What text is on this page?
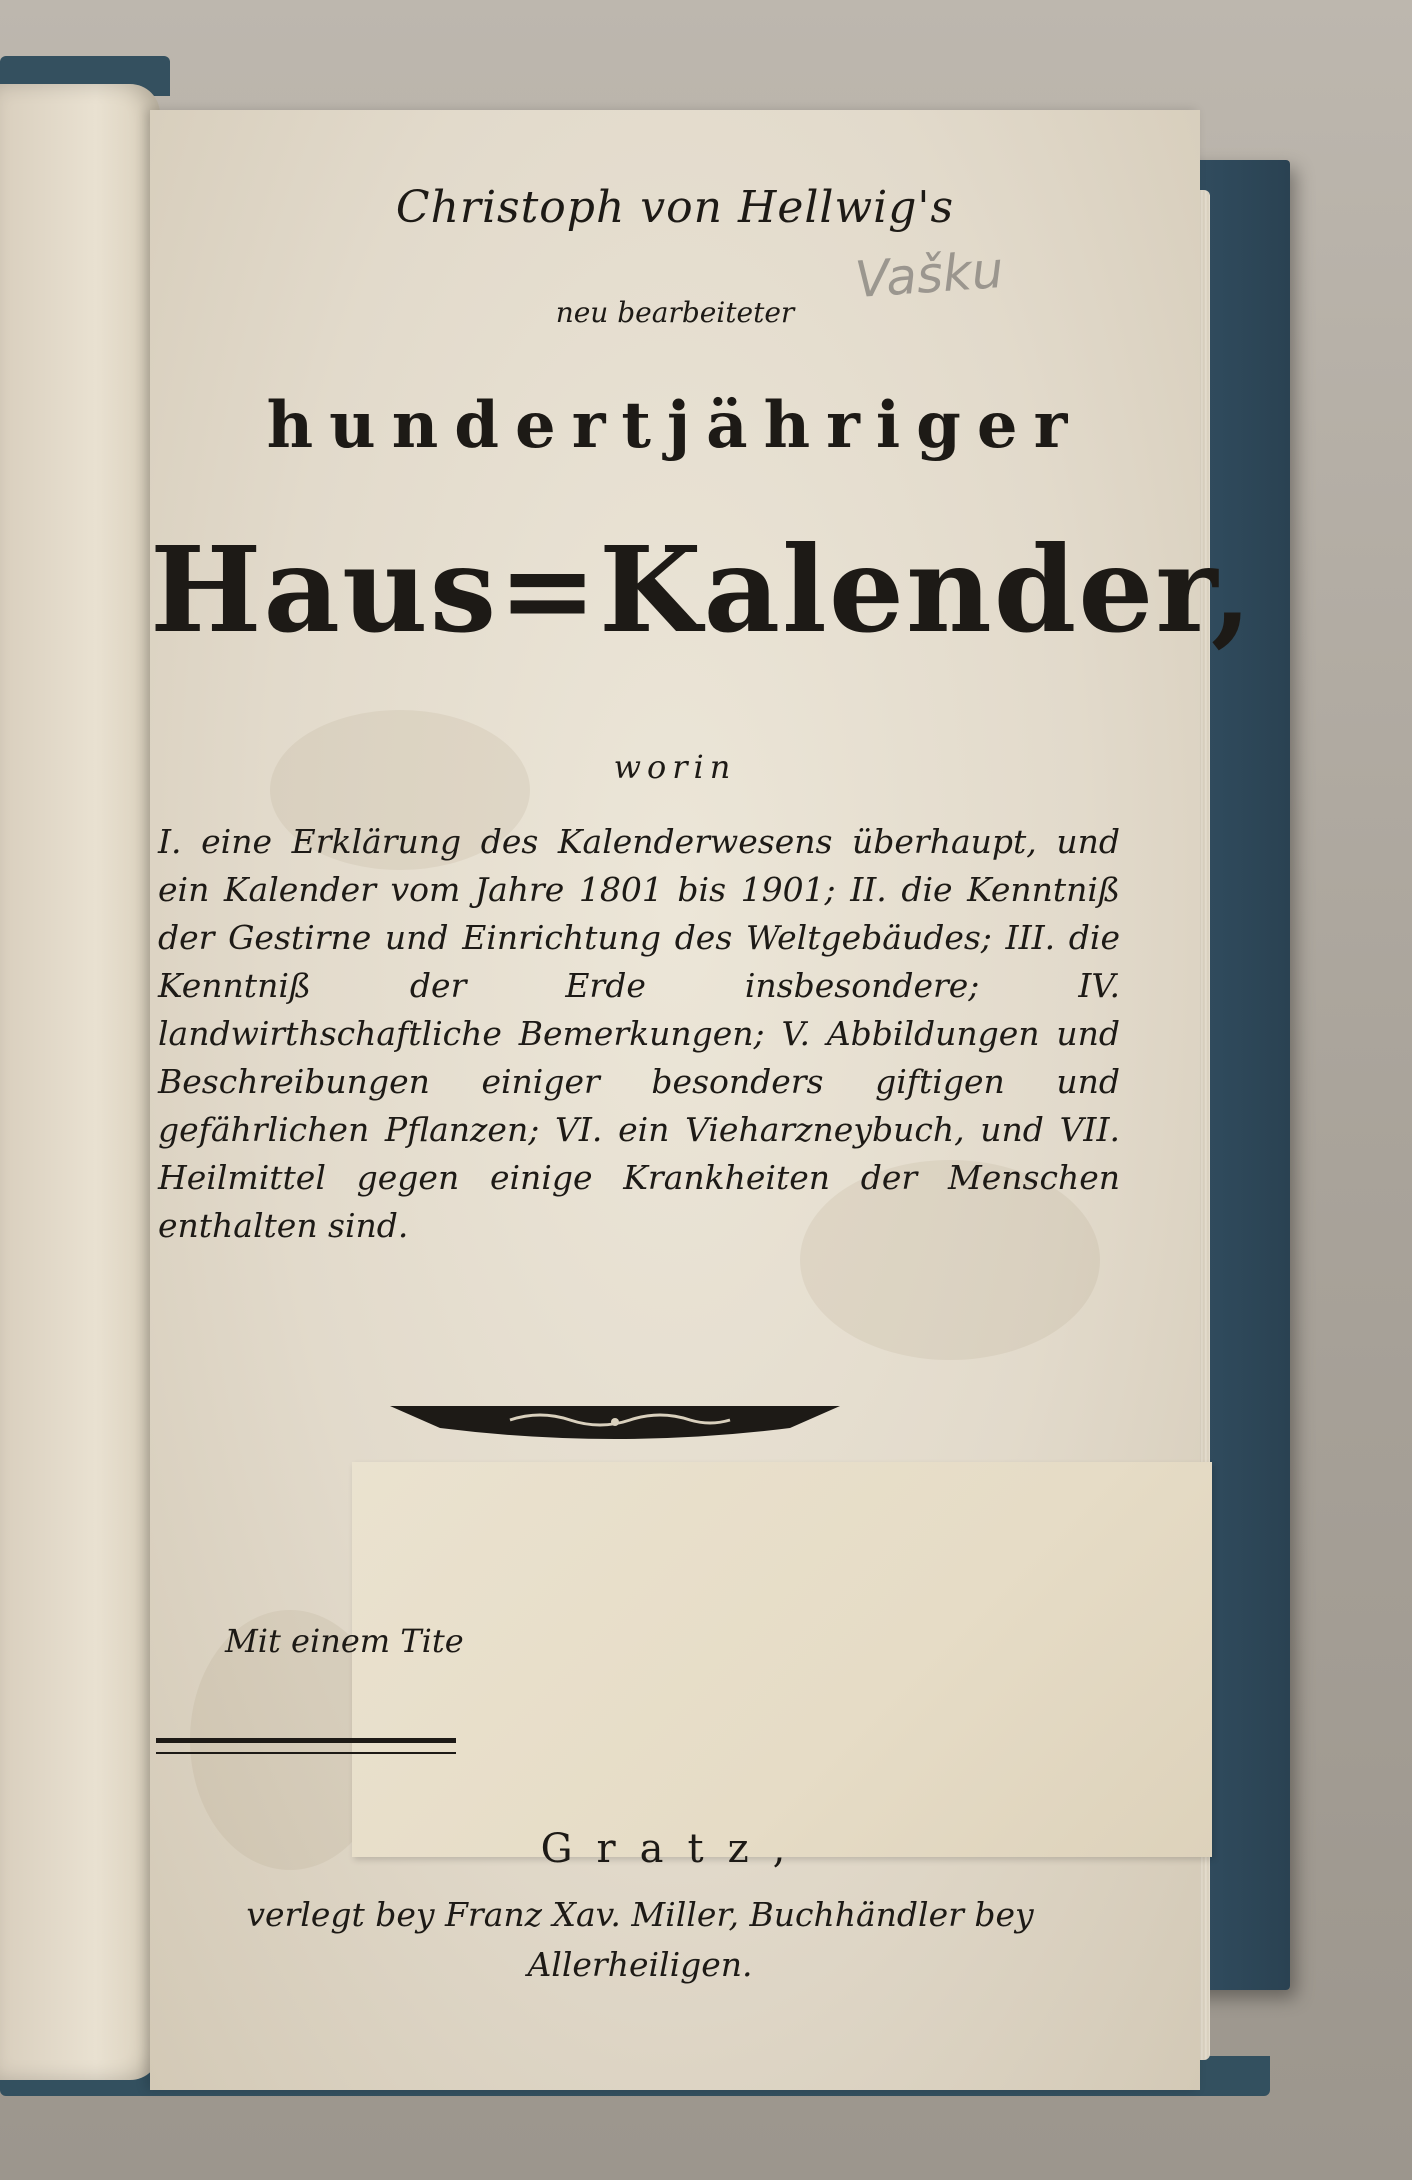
Vašku
Christoph von Hellwig's
neu bearbeiteter
hundertjähriger
Haus=Kalender,
worin
I. eine Erklärung des Kalenderwesens überhaupt, und ein Kalender vom Jahre 1801 bis 1901; II. die Kenntniß der Gestirne und Einrichtung des Weltgebäudes; III. die Kenntniß der Erde insbesondere; IV. landwirthschaftliche Bemerkungen; V. Abbildungen und Beschreibungen einiger besonders giftigen und gefährlichen Pflanzen; VI. ein Vieharzneybuch, und VII. Heilmittel gegen einige Krankheiten der Menschen enthalten sind.
Mit einem Tite
Gratz,
verlegt bey Franz Xav. Miller, Buchhändler bey Allerheiligen.
